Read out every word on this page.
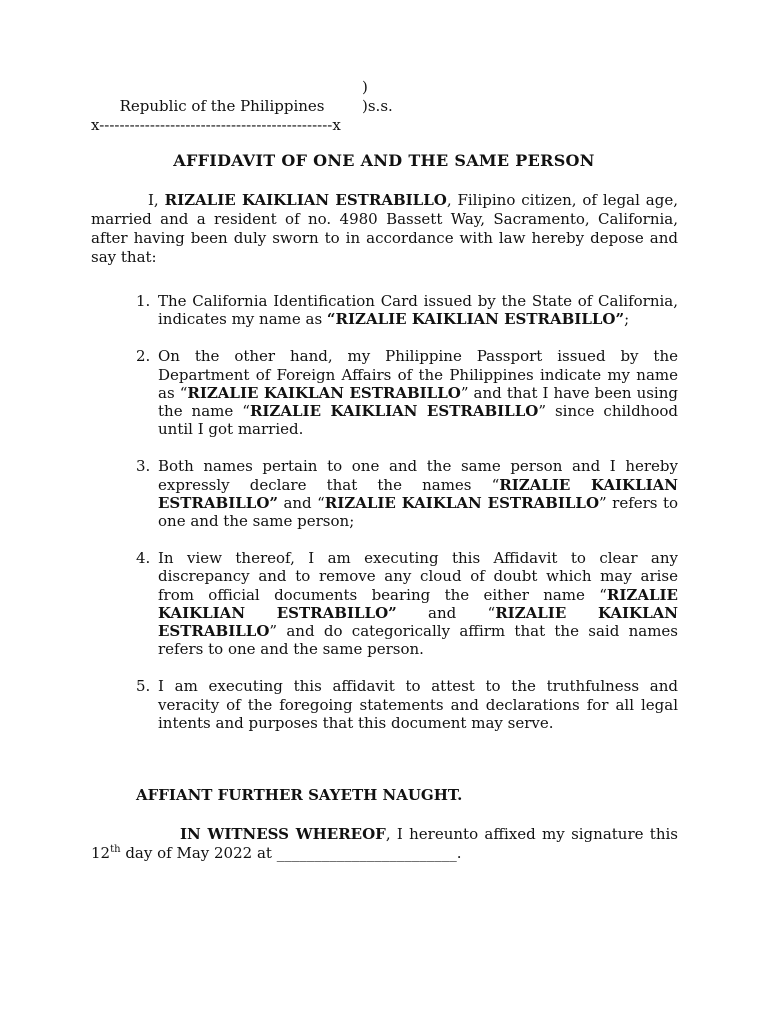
Republic of the Philippines

)

)s.s.

x----------------------------------------------x
AFFIDAVIT OF ONE AND THE SAME PERSON

I, RIZALIE KAIKLIAN ESTRABILLO, Filipino citizen, of legal age, married and a resident of no. 4980 Bassett Way, Sacramento, California, after having been duly sworn to in accordance with law hereby depose and say that:

1. The California Identification Card issued by the State of California, indicates my name as “RIZALIE KAIKLIAN ESTRABILLO”;
2. On the other hand, my Philippine Passport issued by the Department of Foreign Affairs of the Philippines indicate my name as “RIZALIE KAIKLAN ESTRABILLO” and that I have been using the name “RIZALIE KAIKLIAN ESTRABILLO” since childhood until I got married.
3. Both names pertain to one and the same person and I hereby expressly declare that the names “RIZALIE KAIKLIAN ESTRABILLO” and “RIZALIE KAIKLAN ESTRABILLO” refers to one and the same person;
4. In view thereof, I am executing this Affidavit to clear any discrepancy and to remove any cloud of doubt which may arise from official documents bearing the either name “RIZALIE KAIKLIAN ESTRABILLO” and “RIZALIE KAIKLAN ESTRABILLO” and do categorically affirm that the said names refers to one and the same person.
5. I am executing this affidavit to attest to the truthfulness and veracity of the foregoing statements and declarations for all legal intents and purposes that this document may serve.
AFFIANT FURTHER SAYETH NAUGHT.

IN WITNESS WHEREOF, I hereunto affixed my signature this 12th day of May 2022 at ________________________.
